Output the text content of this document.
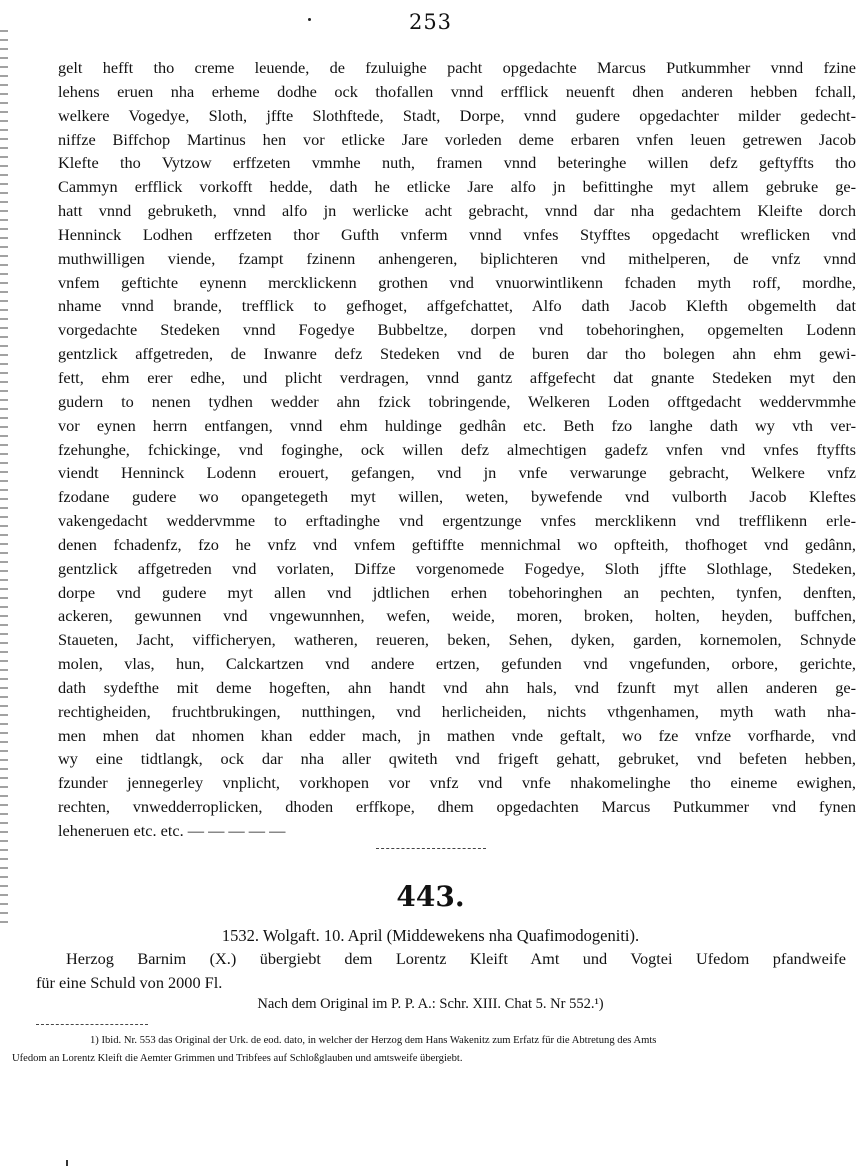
253
gelt hefft tho creme leuende, de fzuluighe pacht opgedachte Marcus Putkummher vnnd fzine
lehens eruen nha erheme dodhe ock thofallen vnnd erfflick neuenft dhen anderen hebben fchall,
welkere Vogedye, Sloth, jffte Slothftede, Stadt, Dorpe, vnnd gudere opgedachter milder gedecht-
niffze Biffchop Martinus hen vor etlicke Jare vorleden deme erbaren vnfen leuen getrewen Jacob
Klefte tho Vytzow erffzeten vmmhe nuth, framen vnnd beteringhe willen defz geftyffts tho
Cammyn erfflick vorkofft hedde, dath he etlicke Jare alfo jn befittinghe myt allem gebruke ge-
hatt vnnd gebruketh, vnnd alfo jn werlicke acht gebracht, vnnd dar nha gedachtem Kleifte dorch
Henninck Lodhen erffzeten thor Gufth vnferm vnnd vnfes Styfftes opgedacht wreflicken vnd
muthwilligen viende, fzampt fzinenn anhengeren, biplichteren vnd mithelperen, de vnfz vnnd
vnfem geftichte eynenn mercklickenn grothen vnd vnuorwintlikenn fchaden myth roff, mordhe,
nhame vnnd brande, trefflick to gefhoget, affgefchattet, Alfo dath Jacob Klefth obgemelth dat
vorgedachte Stedeken vnnd Fogedye Bubbeltze, dorpen vnd tobehoringhen, opgemelten Lodenn
gentzlick affgetreden, de Inwanre defz Stedeken vnd de buren dar tho bolegen ahn ehm gewi-
fett, ehm erer edhe, und plicht verdragen, vnnd gantz affgefecht dat gnante Stedeken myt den
gudern to nenen tydhen wedder ahn fzick tobringende, Welkeren Loden offtgedacht weddervmmhe
vor eynen herrn entfangen, vnnd ehm huldinge gedhân etc. Beth fzo langhe dath wy vth ver-
fzehunghe, fchickinge, vnd foginghe, ock willen defz almechtigen gadefz vnfen vnd vnfes ftyffts
viendt Henninck Lodenn erouert, gefangen, vnd jn vnfe verwarunge gebracht, Welkere vnfz
fzodane gudere wo opangetegeth myt willen, weten, bywefende vnd vulborth Jacob Kleftes
vakengedacht weddervmme to erftadinghe vnd ergentzunge vnfes mercklikenn vnd trefflikenn erle-
denen fchadenfz, fzo he vnfz vnd vnfem geftiffte mennichmal wo opfteith, thofhoget vnd gedânn,
gentzlick affgetreden vnd vorlaten, Diffze vorgenomede Fogedye, Sloth jffte Slothlage, Stedeken,
dorpe vnd gudere myt allen vnd jdtlichen erhen tobehoringhen an pechten, tynfen, denften,
ackeren, gewunnen vnd vngewunnhen, wefen, weide, moren, broken, holten, heyden, buffchen,
Staueten, Jacht, vifficheryen, watheren, reueren, beken, Sehen, dyken, garden, kornemolen, Schnyde
molen, vlas, hun, Calckartzen vnd andere ertzen, gefunden vnd vngefunden, orbore, gerichte,
dath sydefthe mit deme hogeften, ahn handt vnd ahn hals, vnd fzunft myt allen anderen ge-
rechtigheiden, fruchtbrukingen, nutthingen, vnd herlicheiden, nichts vthgenhamen, myth wath nha-
men mhen dat nhomen khan edder mach, jn mathen vnde geftalt, wo fze vnfze vorfharde, vnd
wy eine tidtlangk, ock dar nha aller qwiteth vnd frigeft gehatt, gebruket, vnd befeten hebben,
fzunder jennegerley vnplicht, vorkhopen vor vnfz vnd vnfe nhakomelinghe tho eineme ewighen,
rechten, vnwedderroplicken, dhoden erffkope, dhem opgedachten Marcus Putkummer vnd fynen
leheneruen etc. etc. — — — — —
443.
1532. Wolgaft. 10. April (Middewekens nha Quafimodogeniti).
Herzog Barnim (X.) übergiebt dem Lorentz Kleift Amt und Vogtei Ufedom pfandweife
für eine Schuld von 2000 Fl.
Nach dem Original im P. P. A.: Schr. XIII. Chat 5. Nr 552.¹)
1) Ibid. Nr. 553 das Original der Urk. de eod. dato, in welcher der Herzog dem Hans Wakenitz zum Erfatz für die Abtretung des Amts
Ufedom an Lorentz Kleift die Aemter Grimmen und Tribfees auf Schloßglauben und amtsweife übergiebt.
